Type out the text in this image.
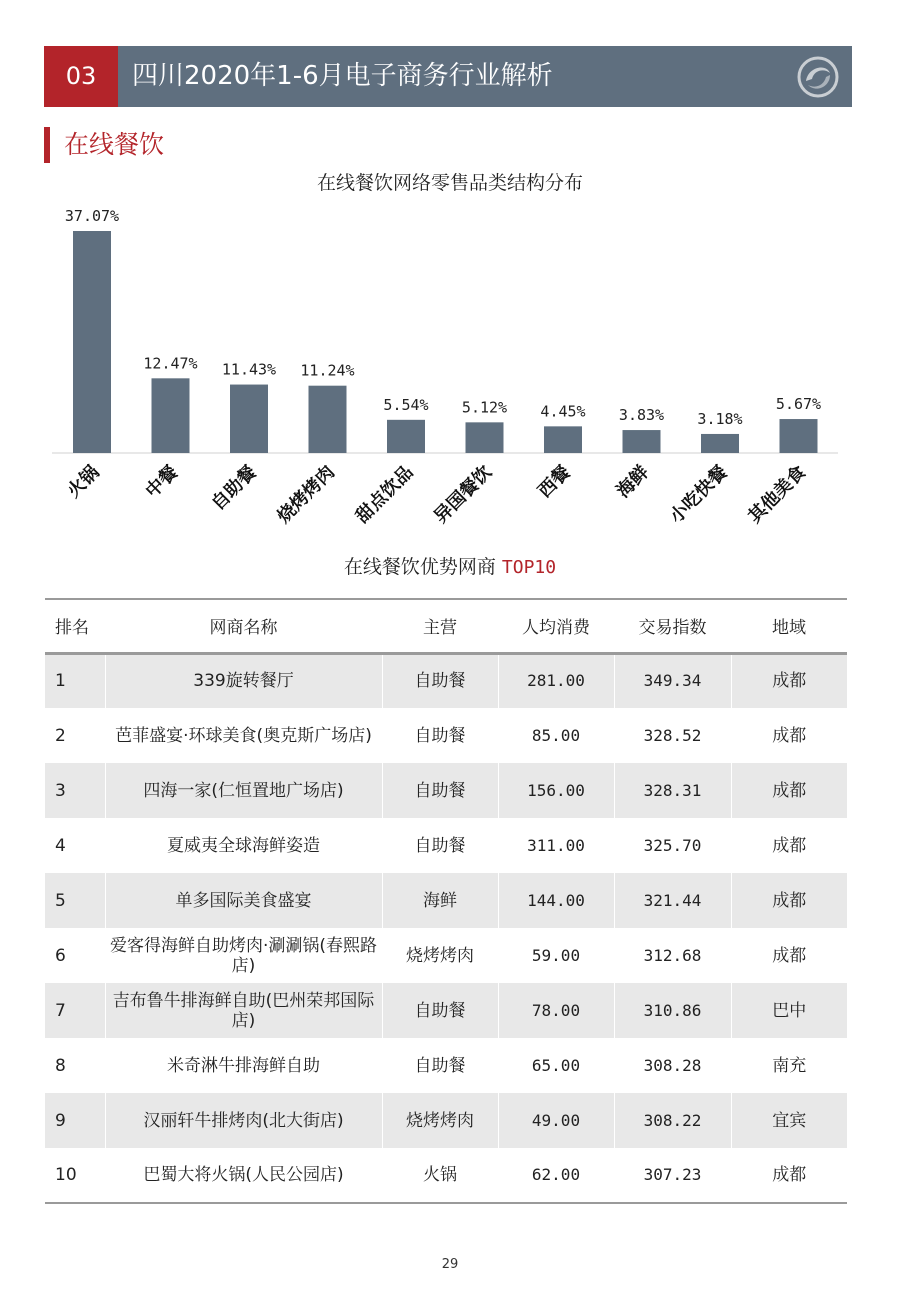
03	四川2020年1-6月电子商务行业解析
在线餐饮
在线餐饮网络零售品类结构分布
37.07%
火锅
12.47%
中餐
11.43%
自助餐
11.24%
烧烤烤肉
5.54%
甜点饮品
5.12%
异国餐饮
4.45%
西餐
3.83%
海鲜
3.18%
小吃快餐
5.67%
其他美食
在线餐饮优势网商 TOP10
排名	网商名称	主营	人均消费	交易指数	地域
1	339旋转餐厅	自助餐	281.00	349.34	成都
2	芭菲盛宴·环球美食(奥克斯广场店)	自助餐	85.00	328.52	成都
3	四海一家(仁恒置地广场店)	自助餐	156.00	328.31	成都
4	夏威夷全球海鲜姿造	自助餐	311.00	325.70	成都
5	单多国际美食盛宴	海鲜	144.00	321.44	成都
6	爱客得海鲜自助烤肉·涮涮锅(春熙路店)	烧烤烤肉	59.00	312.68	成都
7	吉布鲁牛排海鲜自助(巴州荣邦国际店)	自助餐	78.00	310.86	巴中
8	米奇淋牛排海鲜自助	自助餐	65.00	308.28	南充
9	汉丽轩牛排烤肉(北大街店)	烧烤烤肉	49.00	308.22	宜宾
10	巴蜀大将火锅(人民公园店)	火锅	62.00	307.23	成都
29
